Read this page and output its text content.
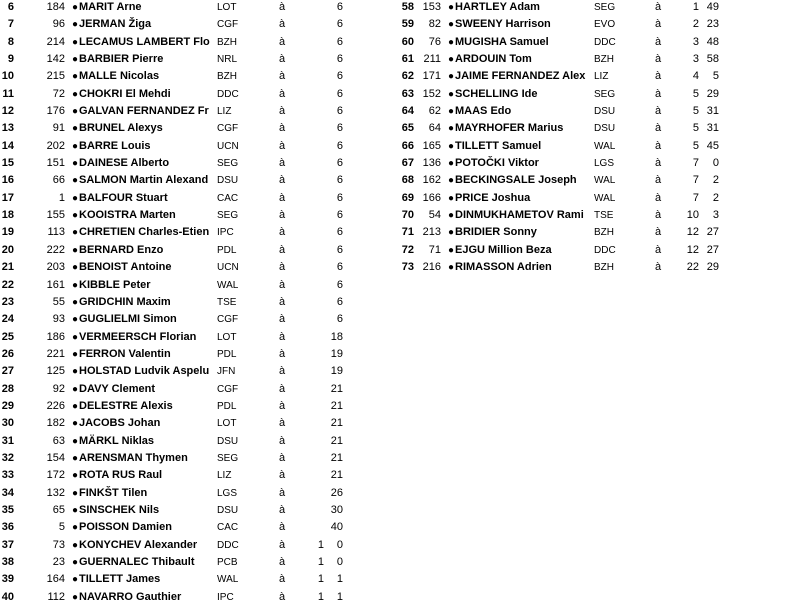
6	184 ● MARIT Arne	LOT	à	6
7	96 ● JERMAN Žiga	CGF	à	6
8	214 ● LECAMUS LAMBERT Flo BZH	à	6
9	142 ● BARBIER Pierre	NRL	à	6
10	215 ● MALLE Nicolas	BZH	à	6
11	72 ● CHOKRI El Mehdi	DDC	à	6
12	176 ● GALVAN FERNANDEZ Fr LIZ	à	6
13	91 ● BRUNEL Alexys	CGF	à	6
14	202 ● BARRE Louis	UCN	à	6
15	151 ● DAINESE Alberto	SEG	à	6
16	66 ● SALMON Martin Alexand DSU	à	6
17	1 ● BALFOUR Stuart	CAC	à	6
18	155 ● KOOISTRA Marten	SEG	à	6
19	113 ● CHRETIEN Charles-Etien IPC	à	6
20	222 ● BERNARD Enzo	PDL	à	6
21	203 ● BENOIST Antoine	UCN	à	6
22	161 ● KIBBLE Peter	WAL	à	6
23	55 ● GRIDCHIN Maxim	TSE	à	6
24	93 ● GUGLIELMI Simon	CGF	à	6
25	186 ● VERMEERSCH Florian LOT	à	18
26	221 ● FERRON Valentin	PDL	à	19
27	125 ● HOLSTAD Ludvik Aspelu JFN	à	19
28	92 ● DAVY Clement	CGF	à	21
29	226 ● DELESTRE Alexis	PDL	à	21
30	182 ● JACOBS Johan	LOT	à	21
31	63 ● MÄRKL Niklas	DSU	à	21
32	154 ● ARENSMAN Thymen	SEG	à	21
33	172 ● ROTA RUS Raul	LIZ	à	21
34	132 ● FINKŠT Tilen	LGS	à	26
35	65 ● SINSCHEK Nils	DSU	à	30
36	5 ● POISSON Damien	CAC	à	40
37	73 ● KONYCHEV Alexander DDC	à	1	0
38	23 ● GUERNALEC Thibault PCB	à	1	0
39	164 ● TILLETT James	WAL	à	1	1
40	112 ● NAVARRO Gauthier	IPC	à	1	1
58 153 ● HARTLEY Adam	SEG	à	1 49
59	82 ● SWEENY Harrison	EVO	à	2 23
60	76 ● MUGISHA Samuel	DDC	à	3 48
61 211 ● ARDOUIN Tom	BZH	à	3 58
62 171 ● JAIME FERNANDEZ Alex LIZ	à	4	5
63 152 ● SCHELLING Ide	SEG	à	5 29
64	62 ● MAAS Edo	DSU	à	5 31
65	64 ● MAYRHOFER Marius	DSU	à	5 31
66 165 ● TILLETT Samuel	WAL	à	5 45
67 136 ● POTOČKI Viktor	LGS	à	7	0
68 162 ● BECKINGSALE Joseph WAL	à	7	2
69 166 ● PRICE Joshua	WAL	à	7	2
70	54 ● DINMUKHAMETOV Rami TSE	à	10	3
71 213 ● BRIDIER Sonny	BZH	à	12 27
72	71 ● EJGU Million Beza	DDC	à	12 27
73 216 ● RIMASSON Adrien	BZH	à	22 29
